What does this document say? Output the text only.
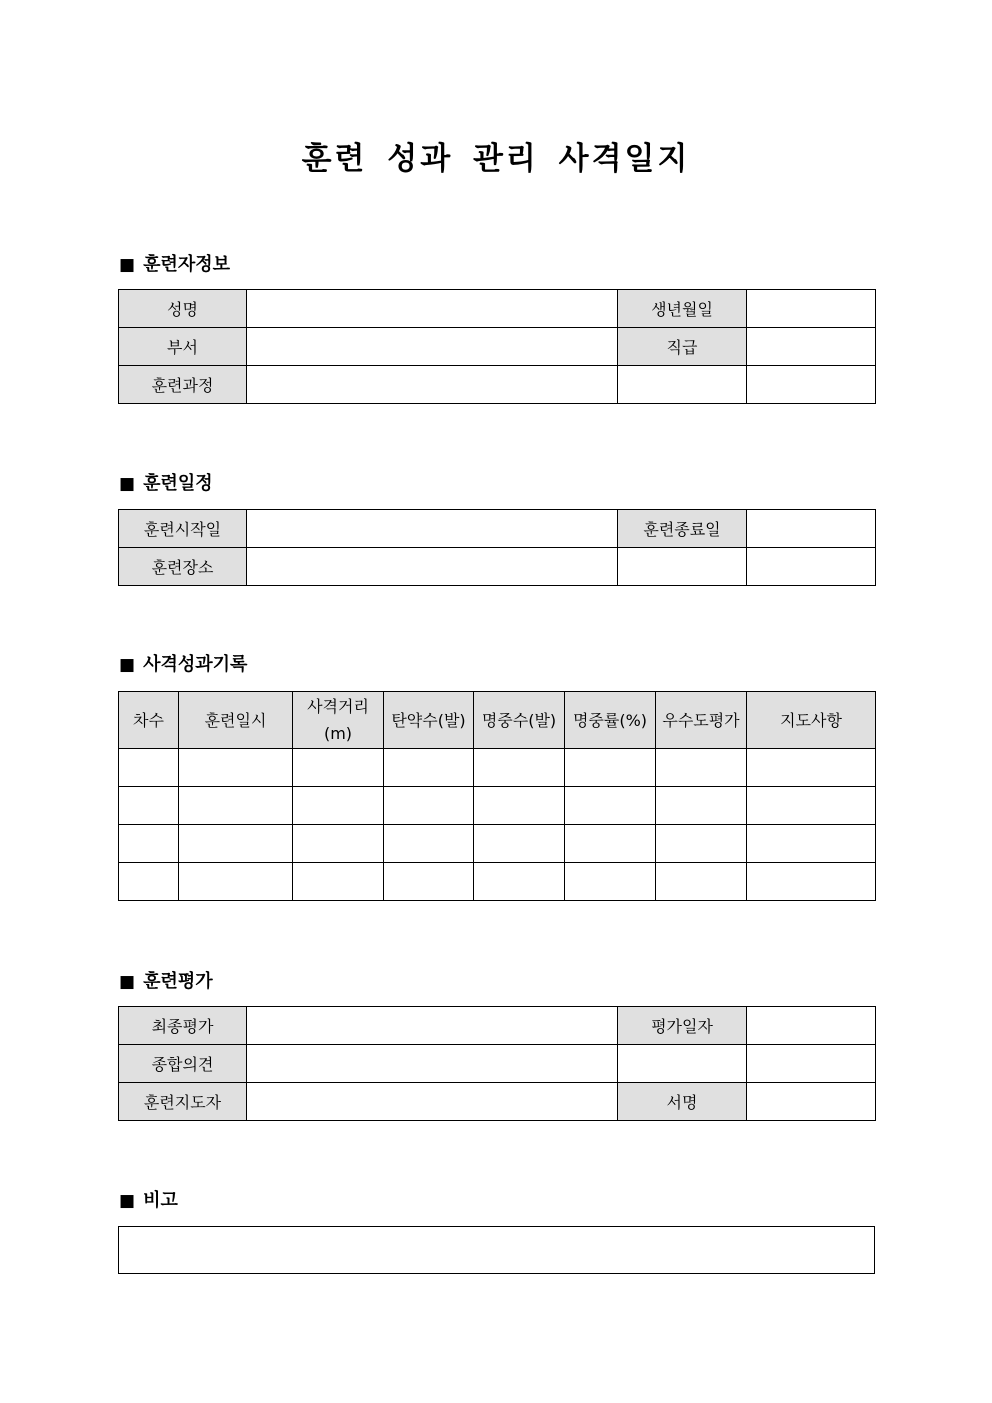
훈련 성과 관리 사격일지
■ 훈련자정보
성명		생년월일	
부서		직급	
훈련과정			
■ 훈련일정
훈련시작일		훈련종료일	
훈련장소			
■ 사격성과기록
차수	훈련일시	사격거리(m)	탄약수(발)	명중수(발)	명중률(%)	우수도평가	지도사항

■ 훈련평가
최종평가		평가일자	
종합의견			
훈련지도자		서명	
■ 비고
